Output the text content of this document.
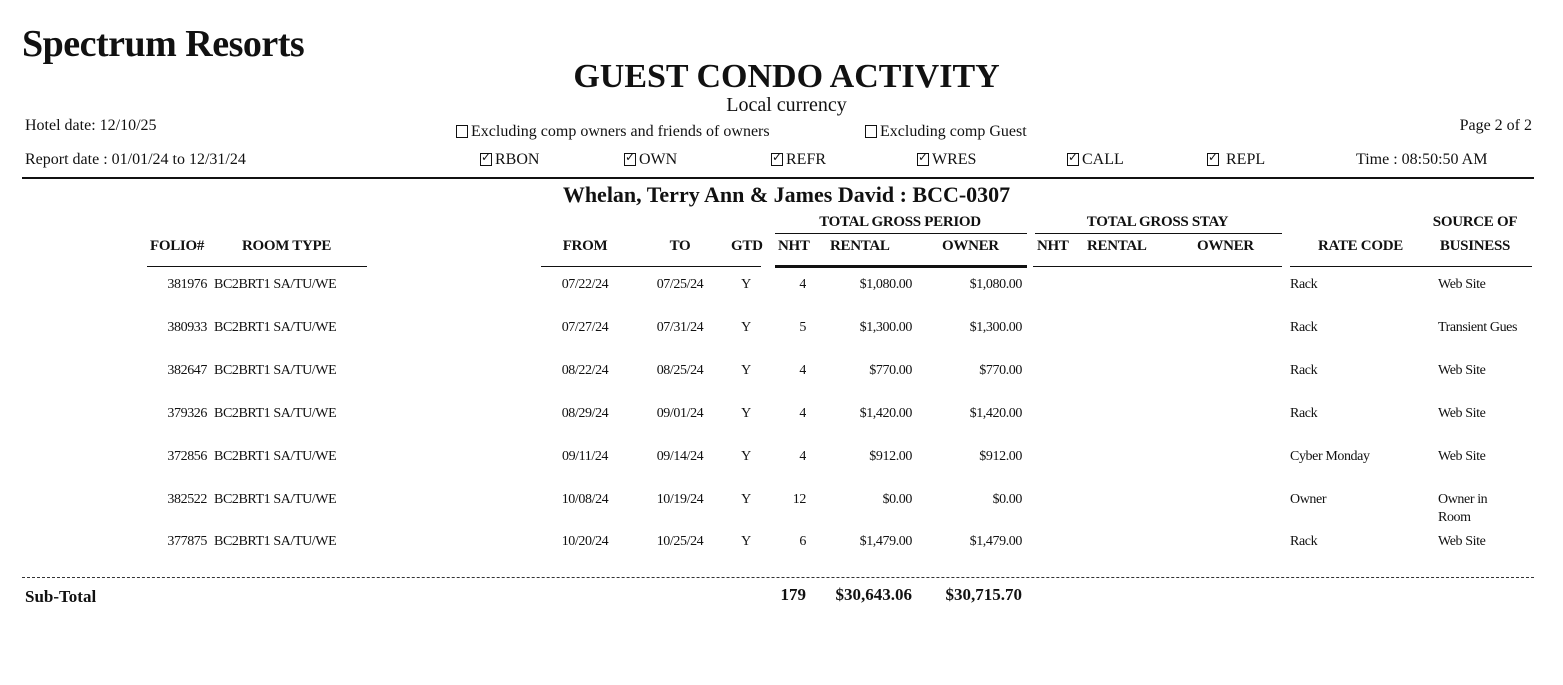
Spectrum Resorts
GUEST CONDO ACTIVITY
Local currency
Hotel date: 12/10/25
Report date : 01/01/24 to 12/31/24
Page 2 of 2
Time : 08:50:50 AM
Excluding comp owners and friends of owners	Excluding comp Guest
✓RBON ✓	OWN ✓	REFR ✓	WRES ✓	CALL ✓	REPL
Whelan, Terry Ann & James David : BCC-0307
TOTAL GROSS PERIOD	TOTAL GROSS STAY	SOURCE OF
FOLIO#	ROOM TYPE	FROM	TO	GTD NHT RENTAL	OWNER	NHT RENTAL	OWNER	RATE CODE	BUSINESS
381976 BC2BRT1 SA/TU/WE	07/22/24	07/25/24	Y	4	$1,080.00	$1,080.00	Rack	Web Site
380933 BC2BRT1 SA/TU/WE	07/27/24	07/31/24	Y	5	$1,300.00	$1,300.00	Rack	Transient Gues
382647 BC2BRT1 SA/TU/WE	08/22/24	08/25/24	Y	4	$770.00	$770.00	Rack	Web Site
379326 BC2BRT1 SA/TU/WE	08/29/24	09/01/24	Y	4	$1,420.00	$1,420.00	Rack	Web Site
372856 BC2BRT1 SA/TU/WE	09/11/24	09/14/24	Y	4	$912.00	$912.00	Cyber Monday	Web Site
382522 BC2BRT1 SA/TU/WE	10/08/24	10/19/24	Y	12	$0.00	$0.00	Owner	Owner in
Room
377875 BC2BRT1 SA/TU/WE	10/20/24	10/25/24	Y	6	$1,479.00	$1,479.00	Rack	Web Site
Sub-Total	179	$30,643.06	$30,715.70
